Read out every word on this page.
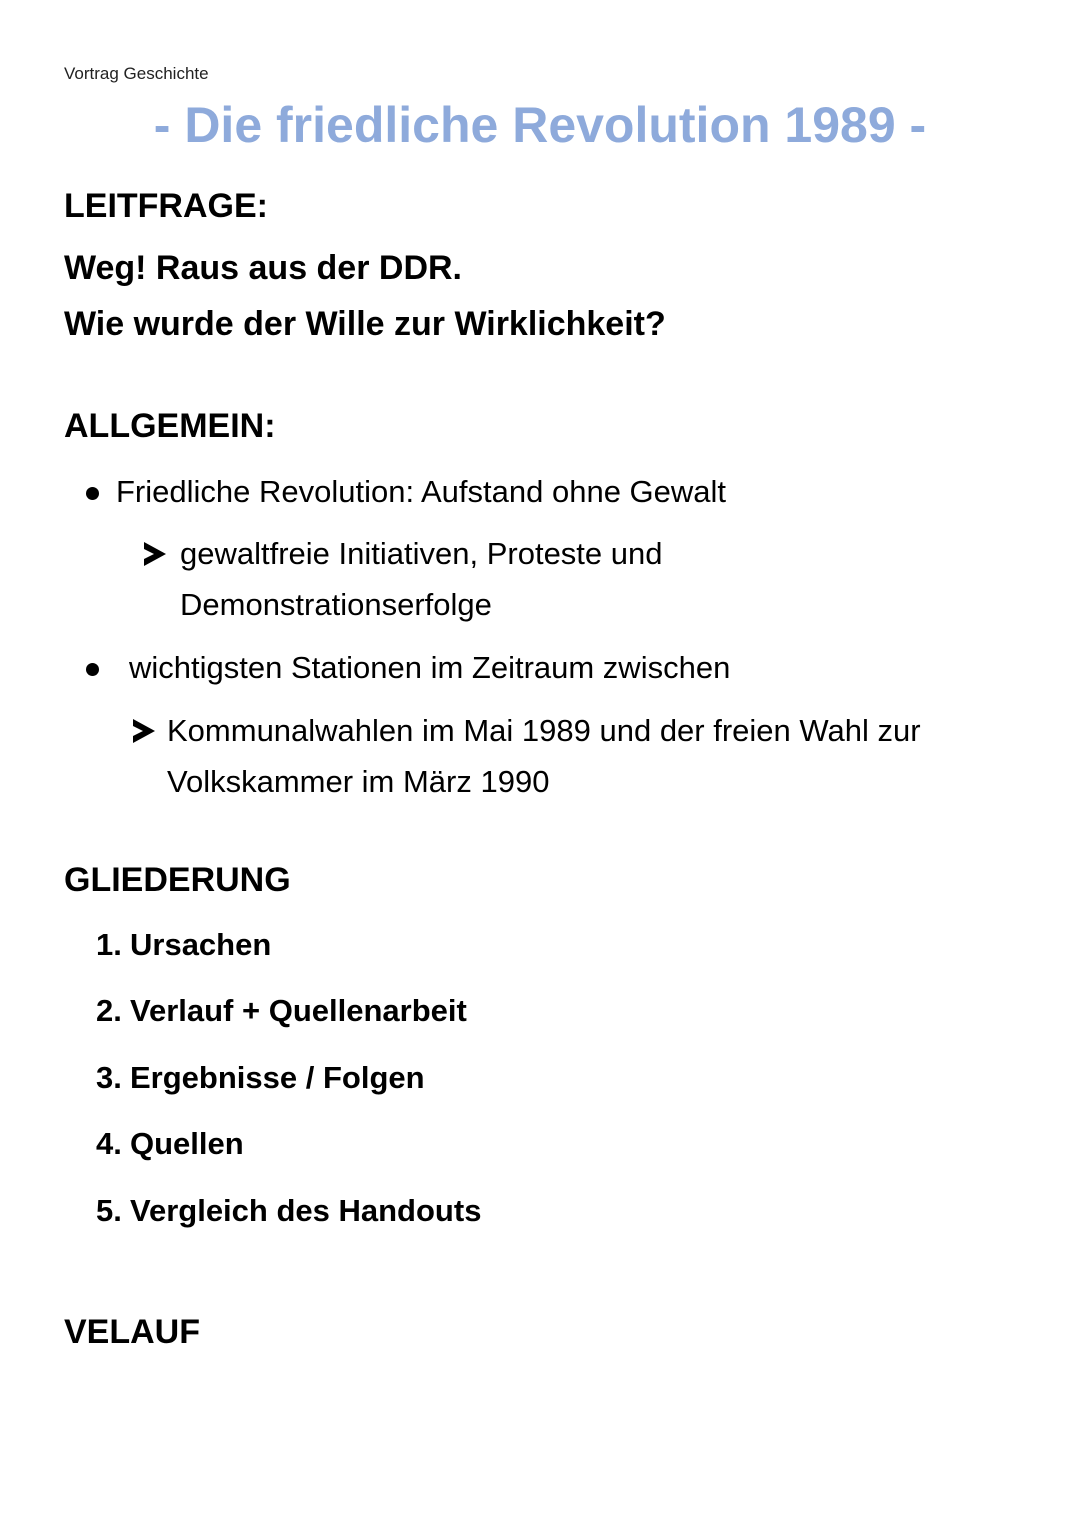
Vortrag Geschichte
- Die friedliche Revolution 1989 -
LEITFRAGE:
Weg! Raus aus der DDR.
Wie wurde der Wille zur Wirklichkeit?
ALLGEMEIN:
Friedliche Revolution: Aufstand ohne Gewalt
gewaltfreie Initiativen, Proteste und Demonstrationserfolge
wichtigsten Stationen im Zeitraum zwischen
Kommunalwahlen im Mai 1989 und der freien Wahl zur Volkskammer im März 1990
GLIEDERUNG
1. Ursachen
2. Verlauf + Quellenarbeit
3. Ergebnisse / Folgen
4. Quellen
5. Vergleich des Handouts
VELAUF
